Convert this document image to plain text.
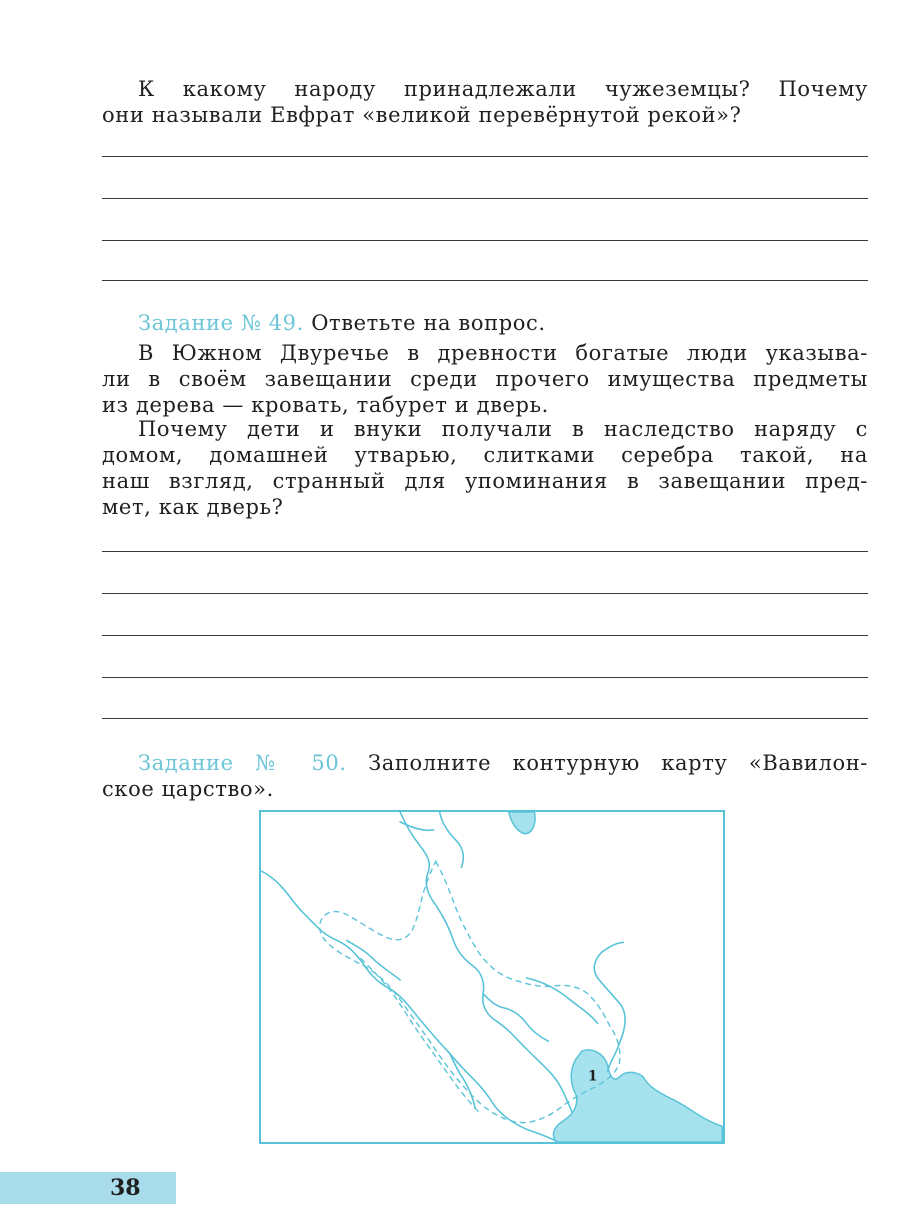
К какому народу принадлежали чужеземцы? Почему
они называли Евфрат «великой перевёрнутой рекой»?

Задание № 49. Ответьте на вопрос.

В Южном Двуречье в древности богатые люди указыва-
ли в своём завещании среди прочего имущества предметы
из дерева — кровать, табурет и дверь.

Почему дети и внуки получали в наследство наряду с
домом, домашней утварью, слитками серебра такой, на
наш взгляд, странный для упоминания в завещании пред-
мет, как дверь?

Задание № 50. Заполните контурную карту «Вавилон-
ское царство».

1
38
